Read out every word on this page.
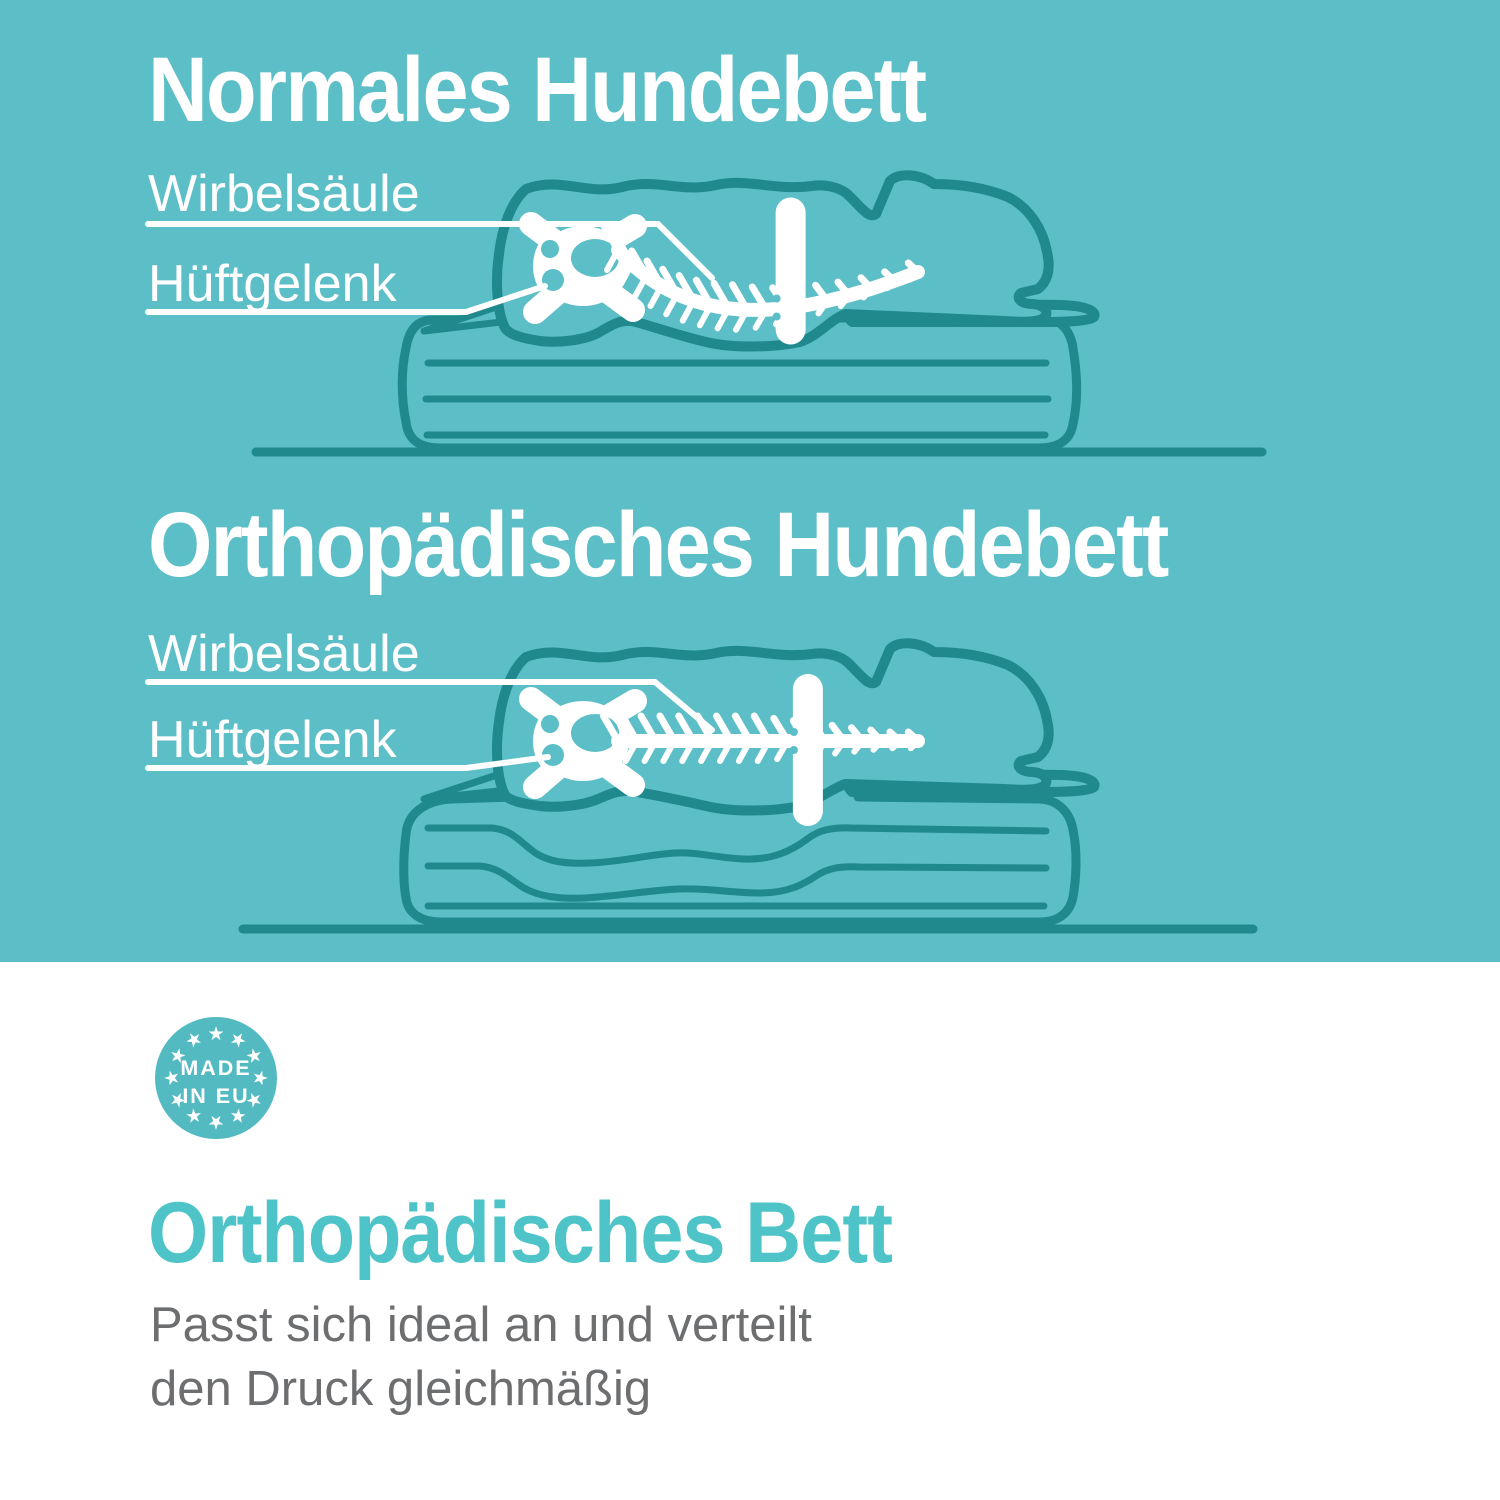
★ ★
★
★
★
★
★
★
★
★
★
★
MADE
IN EU
Normales Hundebett
Wirbelsäule
Hüftgelenk
Orthopädisches Hundebett
Wirbelsäule
Hüftgelenk
Orthopädisches Bett
Passt sich ideal an und verteilt
den Druck gleichmäßig
